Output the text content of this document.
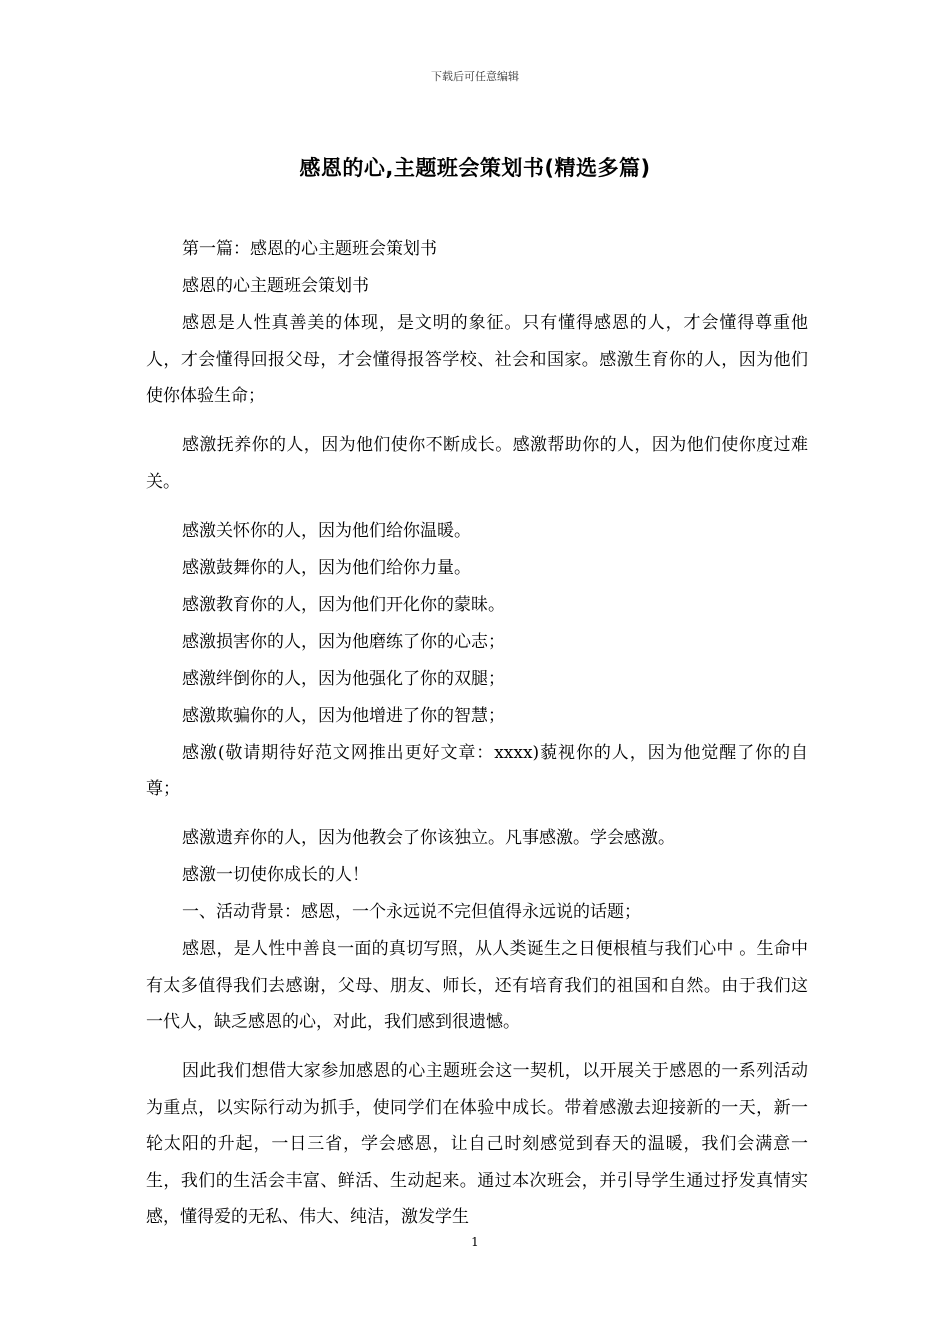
下载后可任意编辑
感恩的心,主题班会策划书(精选多篇)

第一篇：感恩的心主题班会策划书

感恩的心主题班会策划书

感恩是人性真善美的体现，是文明的象征。只有懂得感恩的人，才会懂得尊重他人，才会懂得回报父母，才会懂得报答学校、社会和国家。感激生育你的人，因为他们使你体验生命；

感激抚养你的人，因为他们使你不断成长。感激帮助你的人，因为他们使你度过难关。

感激关怀你的人，因为他们给你温暖。

感激鼓舞你的人，因为他们给你力量。

感激教育你的人，因为他们开化你的蒙昧。

感激损害你的人，因为他磨练了你的心志；

感激绊倒你的人，因为他强化了你的双腿；

感激欺骗你的人，因为他增进了你的智慧；

感激(敬请期待好范文网推出更好文章：xxxx)藐视你的人，因为他觉醒了你的自尊；

感激遗弃你的人，因为他教会了你该独立。凡事感激。学会感激。

感激一切使你成长的人！

一、活动背景：感恩，一个永远说不完但值得永远说的话题；

感恩，是人性中善良一面的真切写照，从人类诞生之日便根植与我们心中 。生命中有太多值得我们去感谢，父母、朋友、师长，还有培育我们的祖国和自然。由于我们这一代人，缺乏感恩的心，对此，我们感到很遗憾。

因此我们想借大家参加感恩的心主题班会这一契机，以开展关于感恩的一系列活动为重点，以实际行动为抓手，使同学们在体验中成长。带着感激去迎接新的一天，新一轮太阳的升起，一日三省，学会感恩，让自己时刻感觉到春天的温暖，我们会满意一生，我们的生活会丰富、鲜活、生动起来。通过本次班会，并引导学生通过抒发真情实感，懂得爱的无私、伟大、纯洁，激发学生

1
